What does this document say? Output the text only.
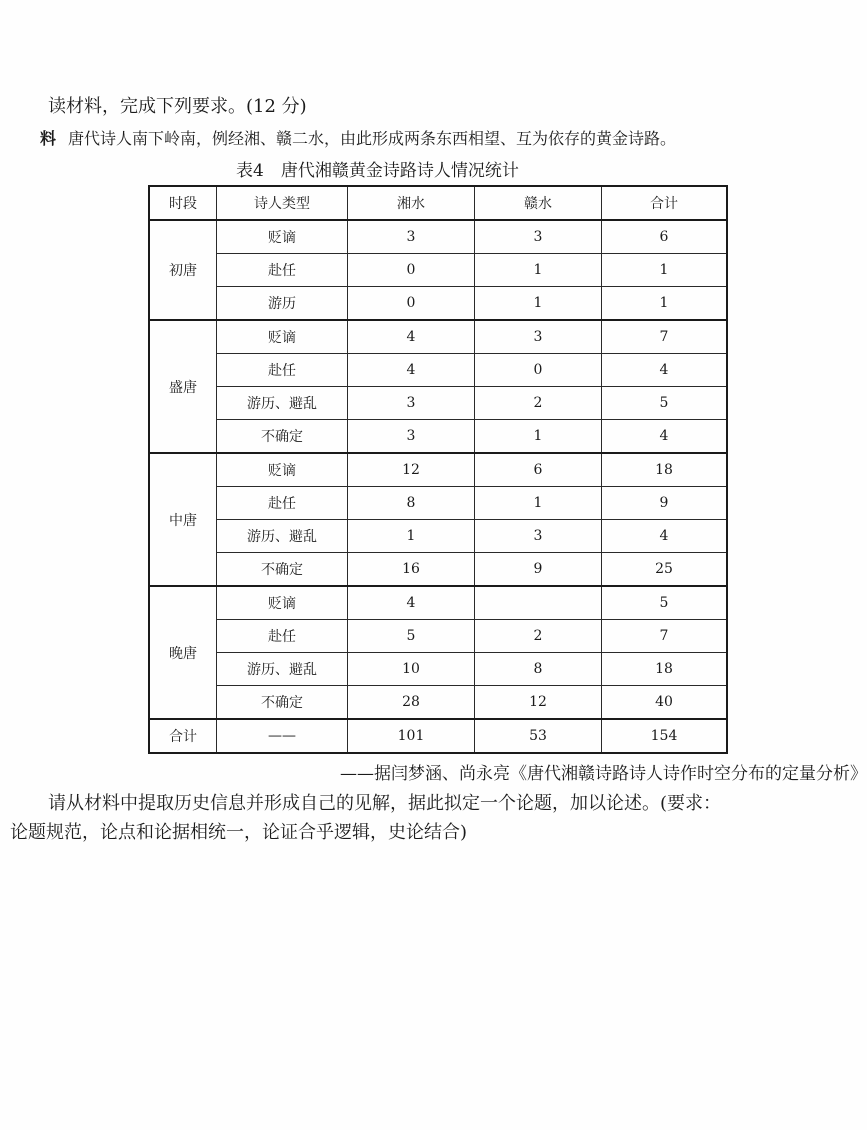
读材料，完成下列要求。(12 分)
料 唐代诗人南下岭南，例经湘、赣二水，由此形成两条东西相望、互为依存的黄金诗路。
表4　唐代湘赣黄金诗路诗人情况统计
时段	诗人类型	湘水	赣水	合计
初唐	贬谪	3	3	6
	赴任	0	1	1
	游历	0	1	1
盛唐	贬谪	4	3	7
	赴任	4	0	4
	游历、避乱	3	2	5
	不确定	3	1	4
中唐	贬谪	12	6	18
	赴任	8	1	9
	游历、避乱	1	3	4
	不确定	16	9	25
晚唐	贬谪	4		5
	赴任	5	2	7
	游历、避乱	10	8	18
	不确定	28	12	40
合计	——	101	53	154
——据闫梦涵、尚永亮《唐代湘赣诗路诗人诗作时空分布的定量分析》
请从材料中提取历史信息并形成自己的见解，据此拟定一个论题，加以论述。(要求：
论题规范，论点和论据相统一，论证合乎逻辑，史论结合)
